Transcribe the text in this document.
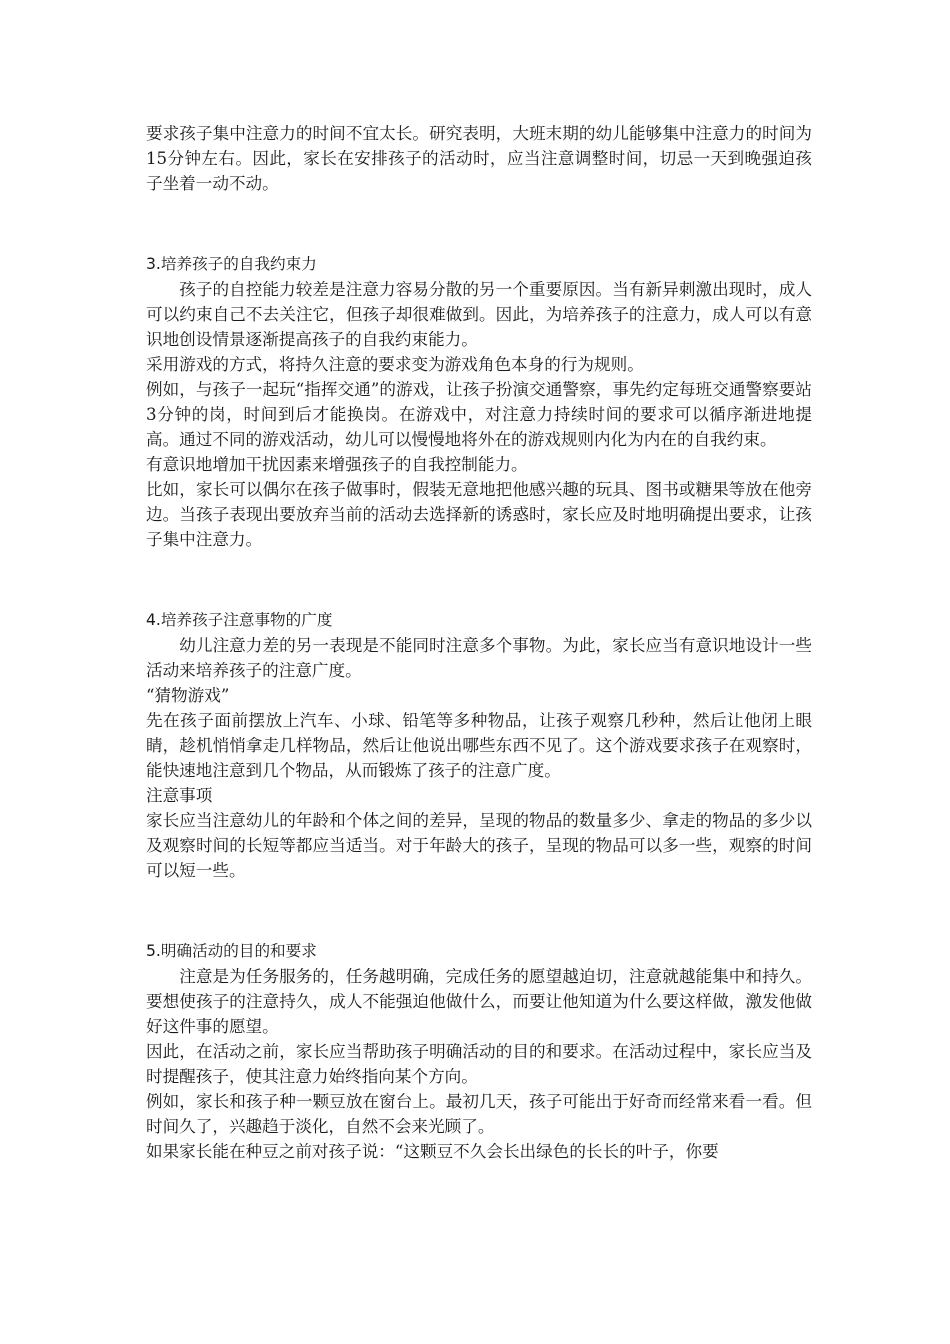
要求孩子集中注意力的时间不宜太长。研究表明，大班末期的幼儿能够集中注意力的时间为15分钟左右。因此，家长在安排孩子的活动时，应当注意调整时间，切忌一天到晚强迫孩子坐着一动不动。

3.培养孩子的自我约束力

孩子的自控能力较差是注意力容易分散的另一个重要原因。当有新异刺激出现时，成人可以约束自己不去关注它，但孩子却很难做到。因此，为培养孩子的注意力，成人可以有意识地创设情景逐渐提高孩子的自我约束能力。

采用游戏的方式，将持久注意的要求变为游戏角色本身的行为规则。

例如，与孩子一起玩“指挥交通”的游戏，让孩子扮演交通警察，事先约定每班交通警察要站3分钟的岗，时间到后才能换岗。在游戏中，对注意力持续时间的要求可以循序渐进地提高。通过不同的游戏活动，幼儿可以慢慢地将外在的游戏规则内化为内在的自我约束。

有意识地增加干扰因素来增强孩子的自我控制能力。

比如，家长可以偶尔在孩子做事时，假装无意地把他感兴趣的玩具、图书或糖果等放在他旁边。当孩子表现出要放弃当前的活动去选择新的诱惑时，家长应及时地明确提出要求，让孩子集中注意力。

4.培养孩子注意事物的广度

幼儿注意力差的另一表现是不能同时注意多个事物。为此，家长应当有意识地设计一些活动来培养孩子的注意广度。

“猜物游戏”

先在孩子面前摆放上汽车、小球、铅笔等多种物品，让孩子观察几秒种，然后让他闭上眼睛，趁机悄悄拿走几样物品，然后让他说出哪些东西不见了。这个游戏要求孩子在观察时，能快速地注意到几个物品，从而锻炼了孩子的注意广度。

注意事项

家长应当注意幼儿的年龄和个体之间的差异，呈现的物品的数量多少、拿走的物品的多少以及观察时间的长短等都应当适当。对于年龄大的孩子，呈现的物品可以多一些，观察的时间可以短一些。

5.明确活动的目的和要求

注意是为任务服务的，任务越明确，完成任务的愿望越迫切，注意就越能集中和持久。要想使孩子的注意持久，成人不能强迫他做什么，而要让他知道为什么要这样做，激发他做好这件事的愿望。

因此，在活动之前，家长应当帮助孩子明确活动的目的和要求。在活动过程中，家长应当及时提醒孩子，使其注意力始终指向某个方向。

例如，家长和孩子种一颗豆放在窗台上。最初几天，孩子可能出于好奇而经常来看一看。但时间久了，兴趣趋于淡化，自然不会来光顾了。

如果家长能在种豆之前对孩子说：“这颗豆不久会长出绿色的长长的叶子，你要
